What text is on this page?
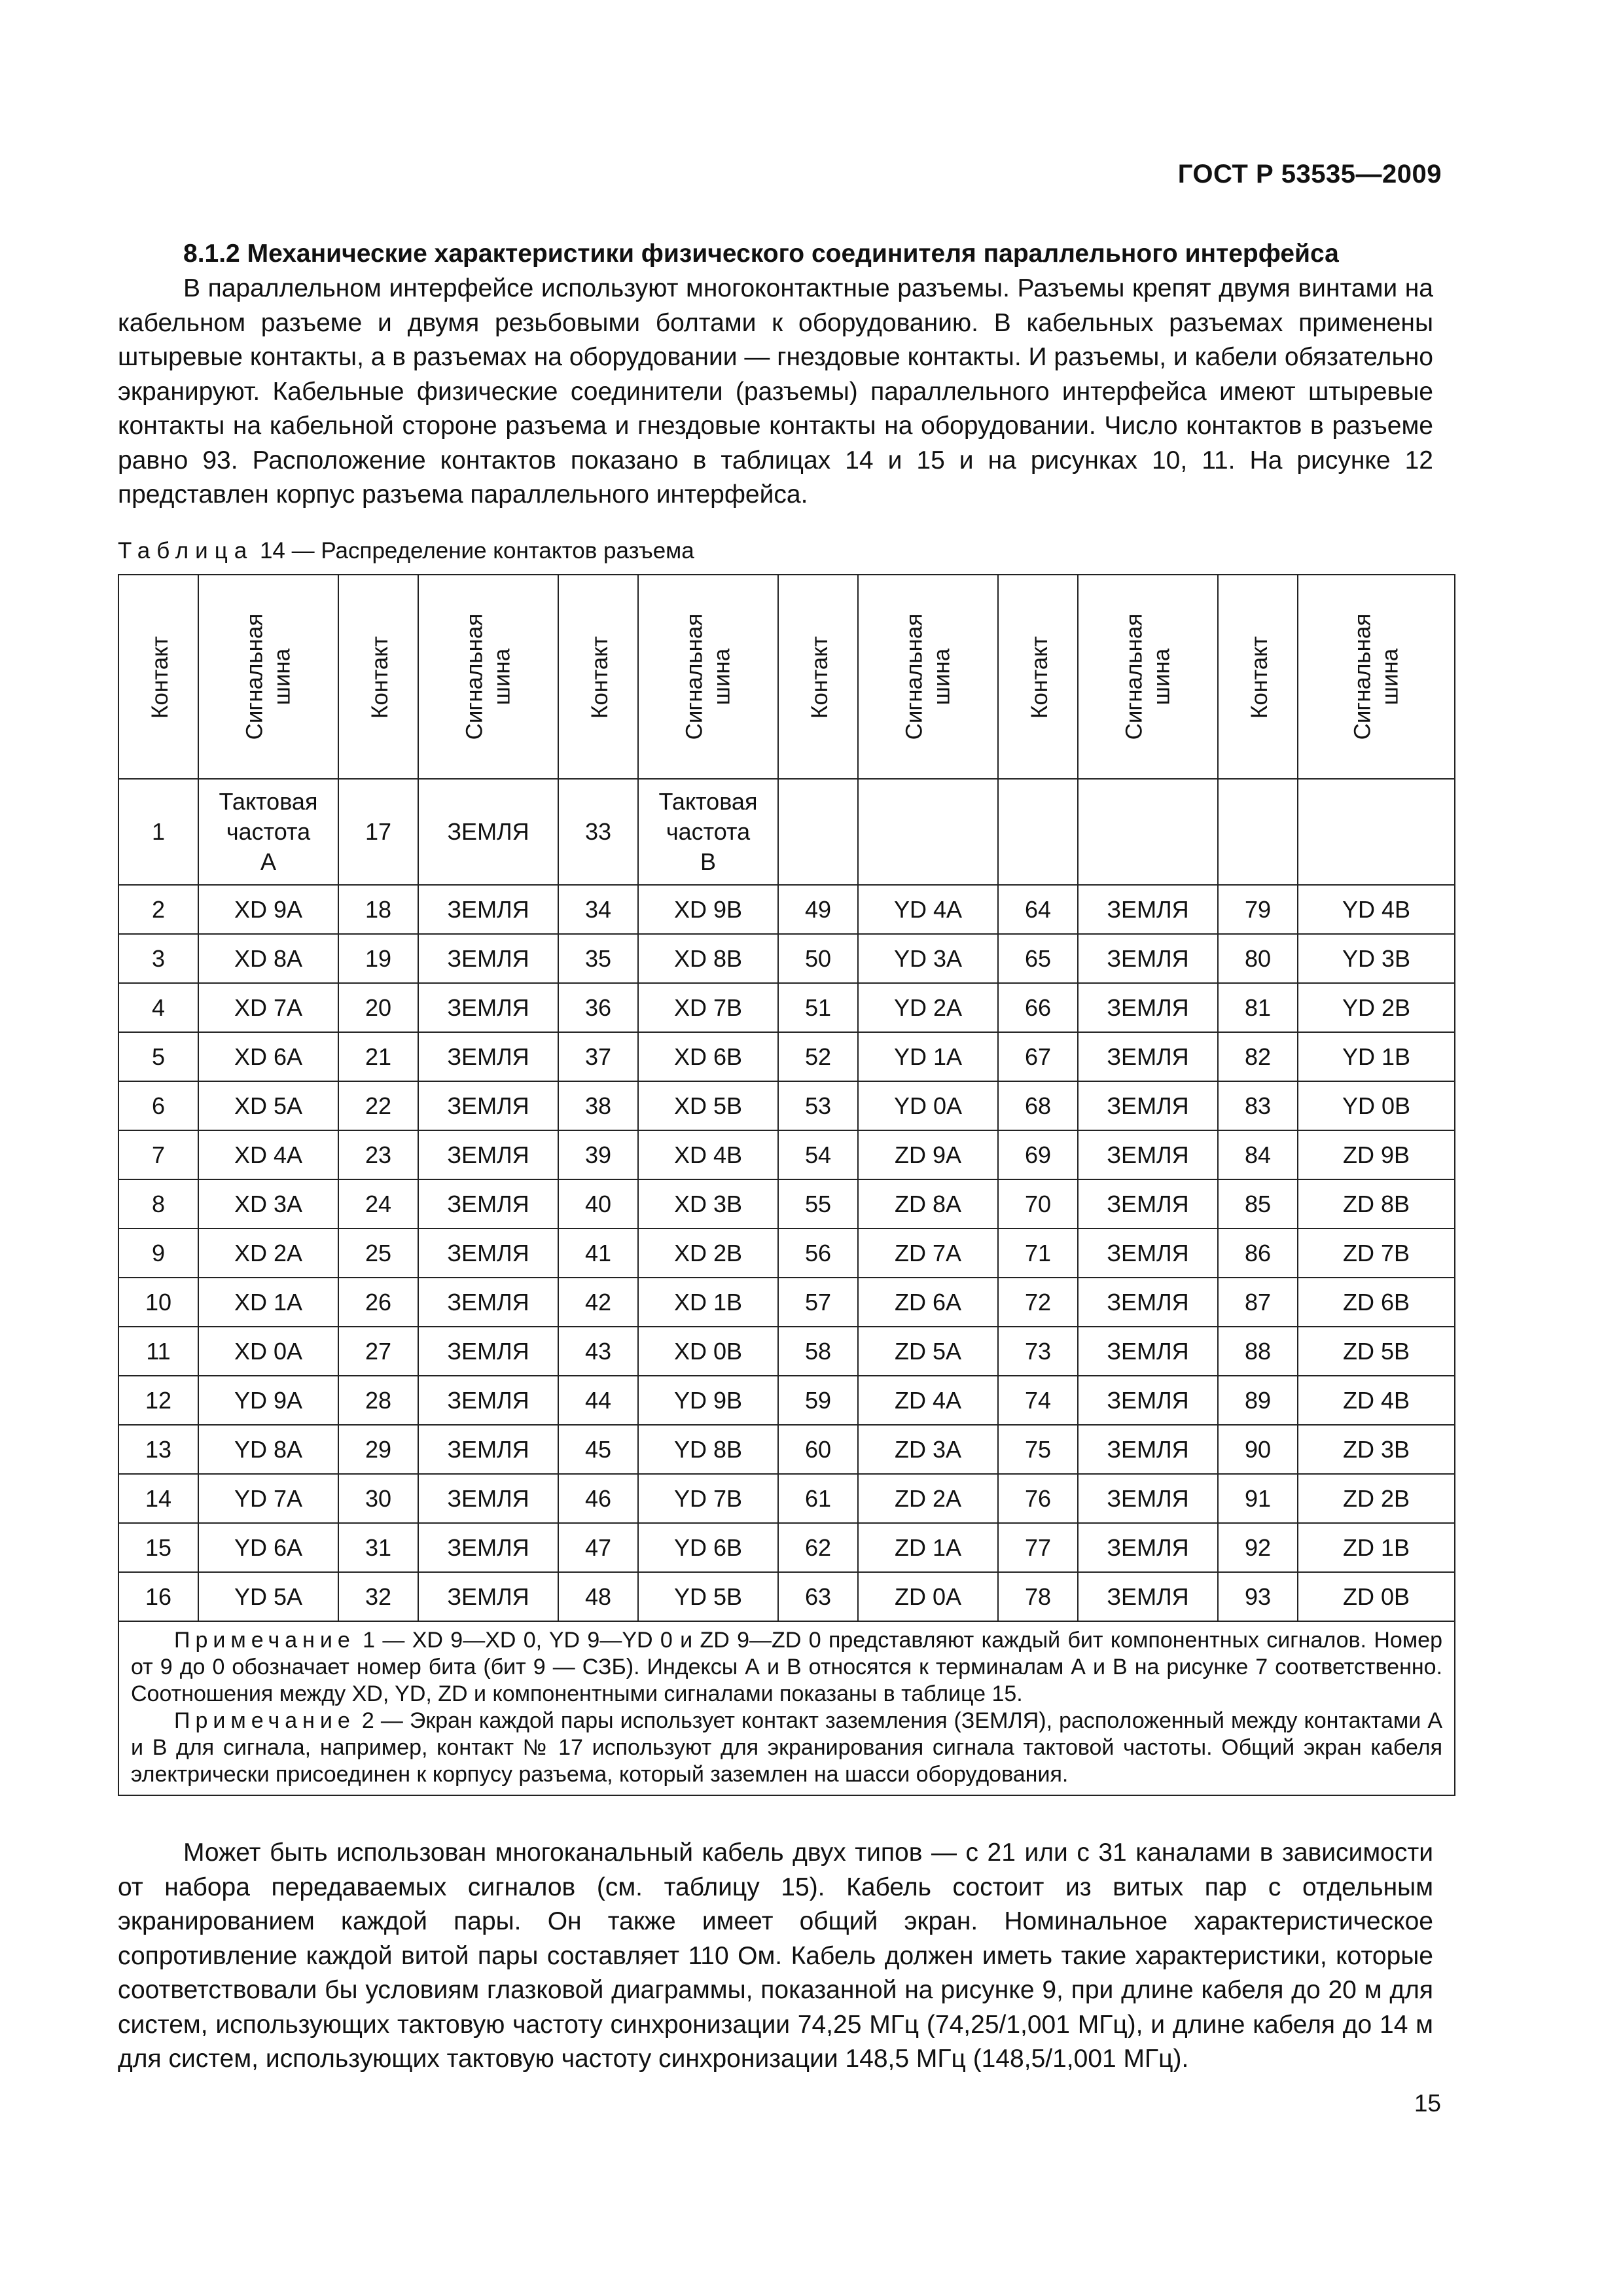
ГОСТ Р 53535—2009
8.1.2 Механические характеристики физического соединителя параллельного интерфейса
В параллельном интерфейсе используют многоконтактные разъемы. Разъемы крепят двумя винтами на кабельном разъеме и двумя резьбовыми болтами к оборудованию. В кабельных разъемах применены штыревые контакты, а в разъемах на оборудовании — гнездовые контакты. И разъемы, и кабели обязательно экранируют. Кабельные физические соединители (разъемы) параллельного интерфейса имеют штыревые контакты на кабельной стороне разъема и гнездовые контакты на оборудовании. Число контактов в разъеме равно 93. Расположение контактов показано в таблицах 14 и 15 и на рисунках 10, 11. На рисунке 12 представлен корпус разъема параллельного интерфейса.
Таблица 14 — Распределение контактов разъема
Контакт	Сигнальная
шина	Контакт	Сигнальная
шина	Контакт	Сигнальная
шина	Контакт	Сигнальная
шина	Контакт	Сигнальная
шина	Контакт	Сигнальная
шина
1	Тактовая
частота
А	17	ЗЕМЛЯ	33	Тактовая
частота
В						
2	XD 9A	18	ЗЕМЛЯ	34	XD 9B	49	YD 4A	64	ЗЕМЛЯ	79	YD 4B
3	XD 8A	19	ЗЕМЛЯ	35	XD 8B	50	YD 3A	65	ЗЕМЛЯ	80	YD 3B
4	XD 7A	20	ЗЕМЛЯ	36	XD 7B	51	YD 2A	66	ЗЕМЛЯ	81	YD 2B
5	XD 6A	21	ЗЕМЛЯ	37	XD 6B	52	YD 1A	67	ЗЕМЛЯ	82	YD 1B
6	XD 5A	22	ЗЕМЛЯ	38	XD 5B	53	YD 0A	68	ЗЕМЛЯ	83	YD 0B
7	XD 4A	23	ЗЕМЛЯ	39	XD 4B	54	ZD 9A	69	ЗЕМЛЯ	84	ZD 9B
8	XD 3A	24	ЗЕМЛЯ	40	XD 3B	55	ZD 8A	70	ЗЕМЛЯ	85	ZD 8B
9	XD 2A	25	ЗЕМЛЯ	41	XD 2B	56	ZD 7A	71	ЗЕМЛЯ	86	ZD 7B
10	XD 1A	26	ЗЕМЛЯ	42	XD 1B	57	ZD 6A	72	ЗЕМЛЯ	87	ZD 6B
11	XD 0A	27	ЗЕМЛЯ	43	XD 0B	58	ZD 5A	73	ЗЕМЛЯ	88	ZD 5B
12	YD 9A	28	ЗЕМЛЯ	44	YD 9B	59	ZD 4A	74	ЗЕМЛЯ	89	ZD 4B
13	YD 8A	29	ЗЕМЛЯ	45	YD 8B	60	ZD 3A	75	ЗЕМЛЯ	90	ZD 3B
14	YD 7A	30	ЗЕМЛЯ	46	YD 7B	61	ZD 2A	76	ЗЕМЛЯ	91	ZD 2B
15	YD 6A	31	ЗЕМЛЯ	47	YD 6B	62	ZD 1A	77	ЗЕМЛЯ	92	ZD 1B
16	YD 5A	32	ЗЕМЛЯ	48	YD 5B	63	ZD 0A	78	ЗЕМЛЯ	93	ZD 0B

Примечание 1 — XD 9—XD 0, YD 9—YD 0 и ZD 9—ZD 0 представляют каждый бит компонентных сигналов. Номер от 9 до 0 обозначает номер бита (бит 9 — СЗБ). Индексы А и В относятся к терминалам А и В на рисунке 7 соответственно. Соотношения между XD, YD, ZD и компонентными сигналами показаны в таблице 15.
Примечание 2 — Экран каждой пары использует контакт заземления (ЗЕМЛЯ), расположенный между контактами А и В для сигнала, например, контакт № 17 используют для экранирования сигнала тактовой частоты. Общий экран кабеля электрически присоединен к корпусу разъема, который заземлен на шасси оборудования.											
Может быть использован многоканальный кабель двух типов — с 21 или с 31 каналами в зависимости от набора передаваемых сигналов (см. таблицу 15). Кабель состоит из витых пар с отдельным экранированием каждой пары. Он также имеет общий экран. Номинальное характеристическое сопротивление каждой витой пары составляет 110 Ом. Кабель должен иметь такие характеристики, которые соответствовали бы условиям глазковой диаграммы, показанной на рисунке 9, при длине кабеля до 20 м для систем, использующих тактовую частоту синхронизации 74,25 МГц (74,25/1,001 МГц), и длине кабеля до 14 м для систем, использующих тактовую частоту синхронизации 148,5 МГц (148,5/1,001 МГц).
15
